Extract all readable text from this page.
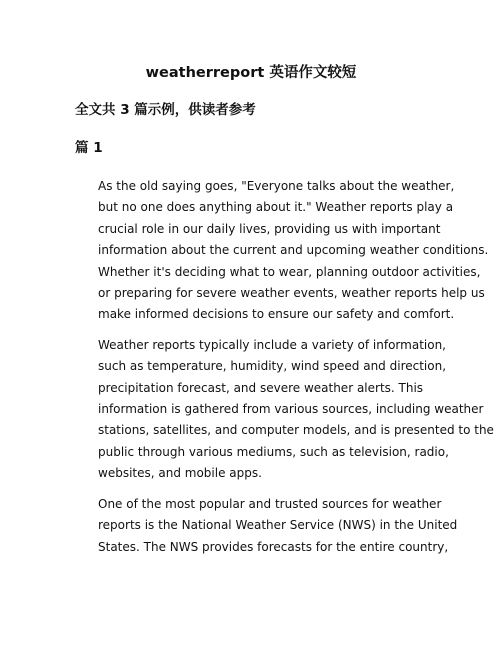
weatherreport 英语作文较短
全文共 3 篇示例，供读者参考
篇 1

As the old saying goes, "Everyone talks about the weather,
but no one does anything about it." Weather reports play a
crucial role in our daily lives, providing us with important
information about the current and upcoming weather conditions.
Whether it's deciding what to wear, planning outdoor activities,
or preparing for severe weather events, weather reports help us
make informed decisions to ensure our safety and comfort.

Weather reports typically include a variety of information,
such as temperature, humidity, wind speed and direction,
precipitation forecast, and severe weather alerts. This
information is gathered from various sources, including weather
stations, satellites, and computer models, and is presented to the
public through various mediums, such as television, radio,
websites, and mobile apps.

One of the most popular and trusted sources for weather
reports is the National Weather Service (NWS) in the United
States. The NWS provides forecasts for the entire country,
